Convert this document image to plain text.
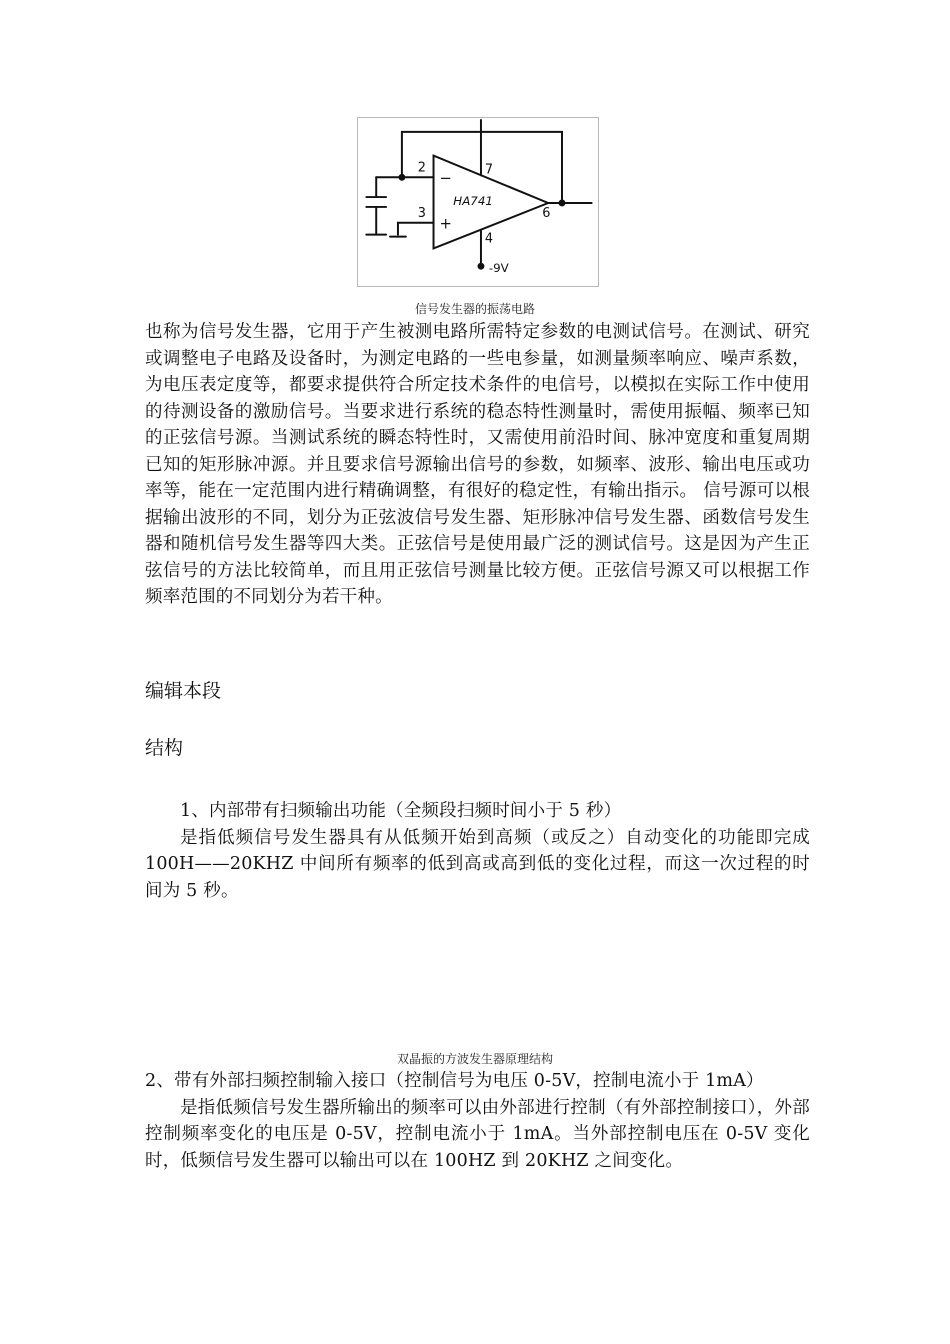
2
3
7
4
6
−
+
HA741
-9V
信号发生器的振荡电路
也称为信号发生器，它用于产生被测电路所需特定参数的电测试信号。在测试、研究或调整电子电路及设备时，为测定电路的一些电参量，如测量频率响应、噪声系数，为电压表定度等，都要求提供符合所定技术条件的电信号，以模拟在实际工作中使用的待测设备的激励信号。当要求进行系统的稳态特性测量时，需使用振幅、频率已知的正弦信号源。当测试系统的瞬态特性时，又需使用前沿时间、脉冲宽度和重复周期已知的矩形脉冲源。并且要求信号源输出信号的参数，如频率、波形、输出电压或功率等，能在一定范围内进行精确调整，有很好的稳定性，有输出指示。 信号源可以根据输出波形的不同，划分为正弦波信号发生器、矩形脉冲信号发生器、函数信号发生器和随机信号发生器等四大类。正弦信号是使用最广泛的测试信号。这是因为产生正弦信号的方法比较简单，而且用正弦信号测量比较方便。正弦信号源又可以根据工作频率范围的不同划分为若干种。
编辑本段
结构
1、内部带有扫频输出功能（全频段扫频时间小于 5 秒）
是指低频信号发生器具有从低频开始到高频（或反之）自动变化的功能即完成 100H——20KHZ 中间所有频率的低到高或高到低的变化过程，而这一次过程的时间为 5 秒。
双晶振的方波发生器原理结构
2、带有外部扫频控制输入接口（控制信号为电压 0-5V，控制电流小于 1mA）
是指低频信号发生器所输出的频率可以由外部进行控制（有外部控制接口），外部控制频率变化的电压是 0-5V，控制电流小于 1mA。当外部控制电压在 0-5V 变化时，低频信号发生器可以输出可以在 100HZ 到 20KHZ 之间变化。
